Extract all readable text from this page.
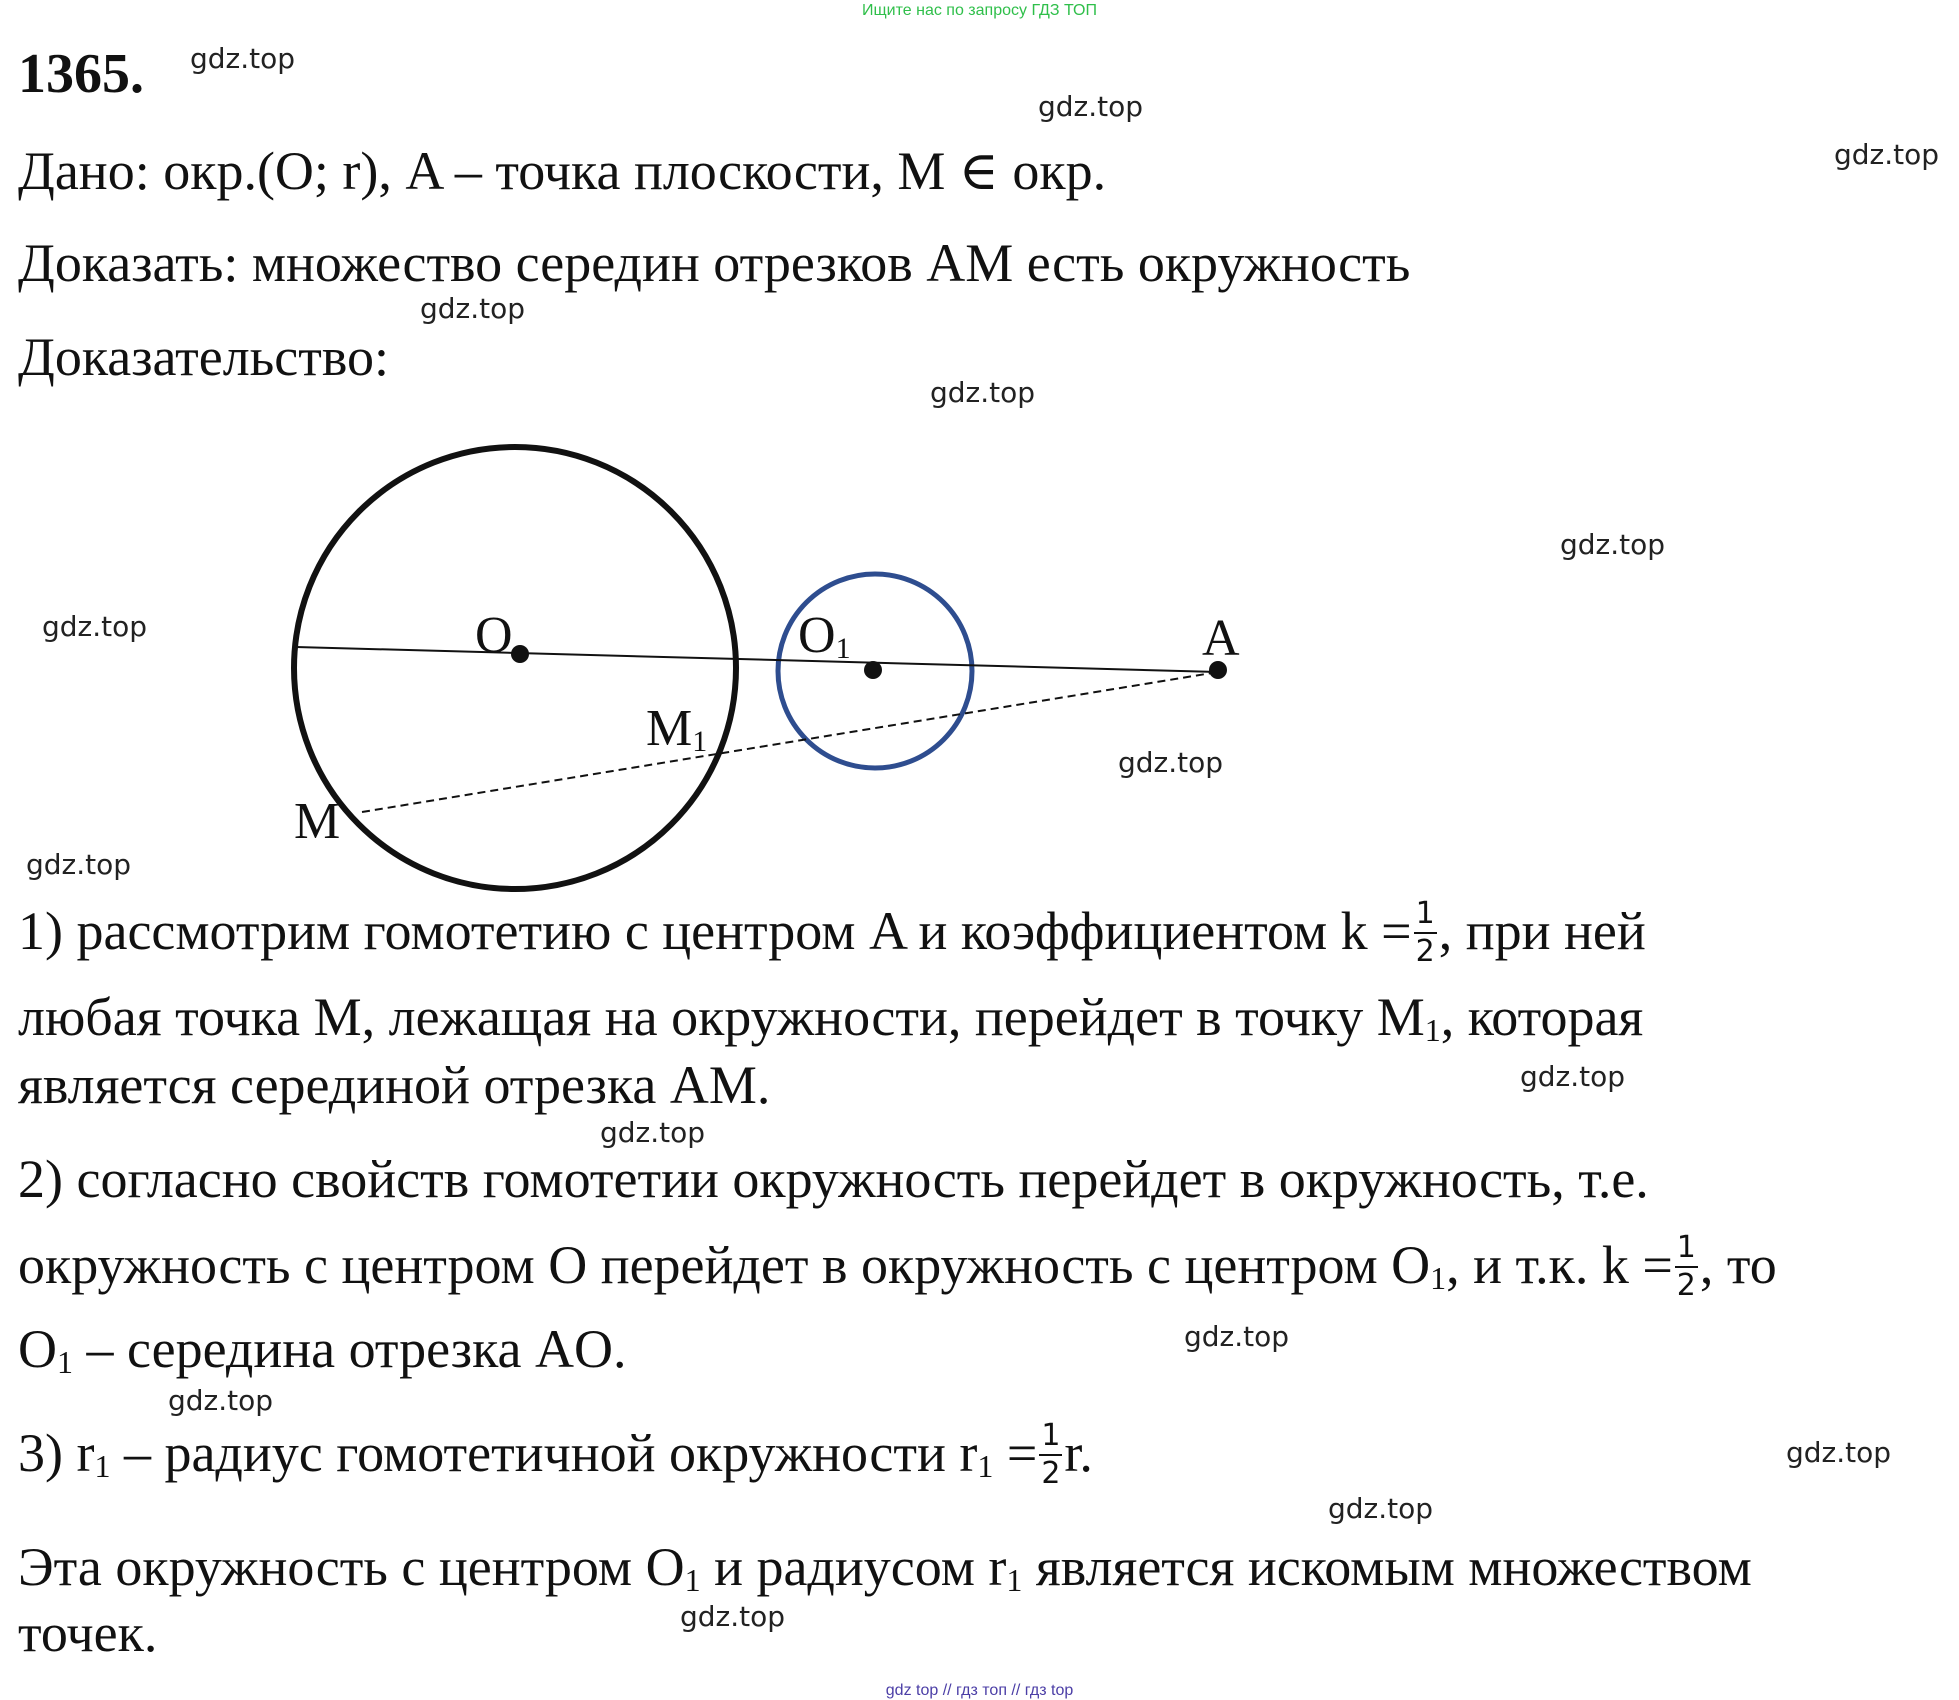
Ищите нас по запросу ГДЗ ТОП
1365.
Дано: окр.(O; r), A – точка плоскости, M ∈ окр.
Доказать: множество середин отрезков AM есть окружность
Доказательство:
O	O1	A
M1
M
1) рассмотрим гомотетию с центром A и коэффициентом $k = \frac{1}{2}$ , при ней
любая точка M, лежащая на окружности, перейдет в точку $M_1$, которая
является серединой отрезка AM.
2) согласно свойств гомотетии окружность перейдет в окружность, т.е.
окружность с центром O перейдет в окружность с центром $O_1$, и т.к. $k = \frac{1}{2}$ , то
$O_1$ – середина отрезка AO.
3) $r_1$ – радиус гомотетичной окружности $r_1 = \frac{1}{2} r$.
Эта окружность с центром $O_1$ и радиусом $r_1$ является искомым множеством
точек.
gdz.top
gdz.top
gdz.top
gdz.top
gdz.top
gdz.top
gdz.top
gdz.top
gdz.top
gdz.top
gdz.top
gdz.top
gdz.top
gdz.top
gdz.top
gdz.top
gdz top // гдз топ // гдз top
